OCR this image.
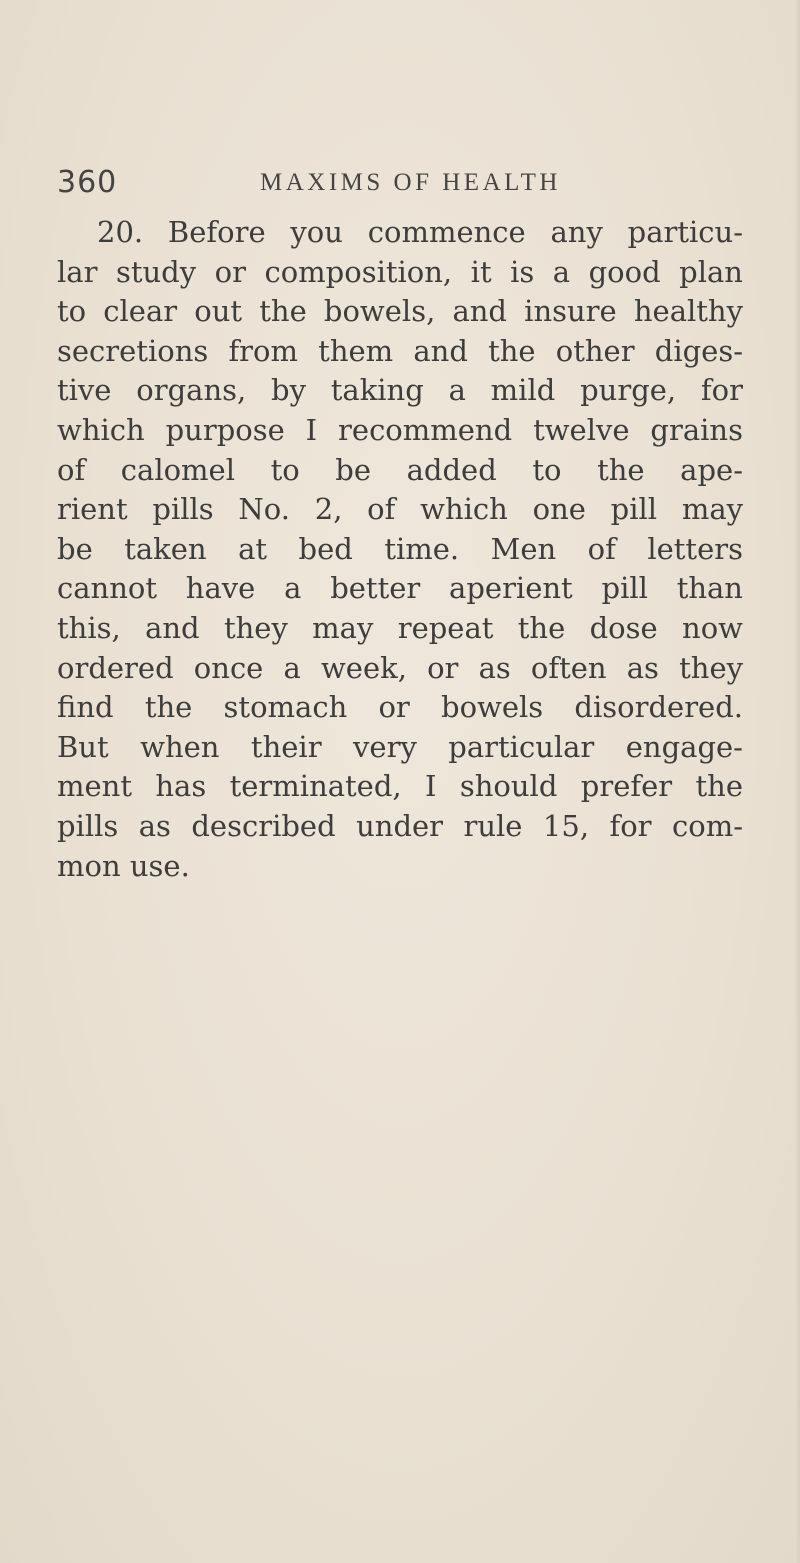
360	MAXIMS OF HEALTH
20. Before you commence any particu-
lar study or composition, it is a good plan
to clear out the bowels, and insure healthy
secretions from them and the other diges-
tive organs, by taking a mild purge, for
which purpose I recommend twelve grains
of calomel to be added to the ape-
rient pills No. 2, of which one pill may
be taken at bed time. Men of letters
cannot have a better aperient pill than
this, and they may repeat the dose now
ordered once a week, or as often as they
find the stomach or bowels disordered.
But when their very particular engage-
ment has terminated, I should prefer the
pills as described under rule 15, for com-
mon use.
